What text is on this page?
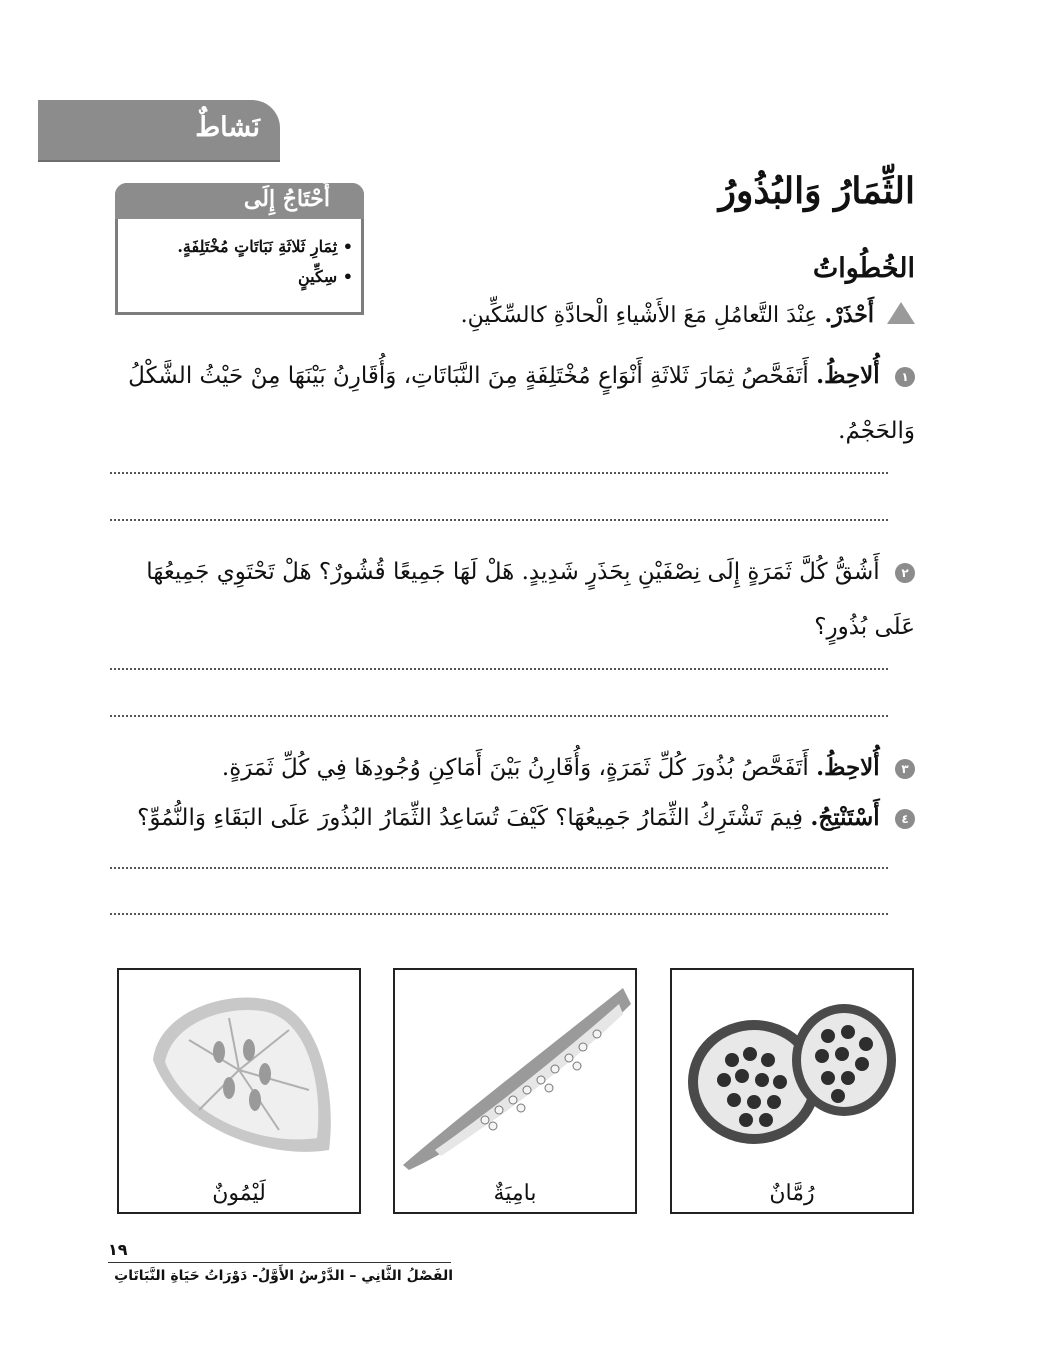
نَشاطٌ
أَحْتَاجُ إِلَى
• ثِمَارِ ثَلاثَةِ نَبَاتَاتٍ مُخْتَلِفَةٍ.
• سِكِّينٍ
الثِّمَارُ وَالبُذُورُ
الخُطُواتُ
أَحْذَرْ. عِنْدَ التَّعامُلِ مَعَ الأَشْياءِ الْحادَّةِ كالسِّكِّينِ.
١ أُلاحِظُ. أَتَفَحَّصُ ثِمَارَ ثَلاثَةِ أَنْوَاعٍ مُخْتَلِفَةٍ مِنَ النَّبَاتَاتِ، وَأُقَارِنُ بَيْنَهَا مِنْ حَيْثُ الشَّكْلُ وَالحَجْمُ.
٢ أَشُقُّ كُلَّ ثَمَرَةٍ إِلَى نِصْفَيْنِ بِحَذَرٍ شَدِيدٍ. هَلْ لَهَا جَمِيعًا قُشُورٌ؟ هَلْ تَحْتَوِي جَمِيعُهَا عَلَى بُذُورٍ؟
٣ أُلاحِظُ. أَتَفَحَّصُ بُذُورَ كُلِّ ثَمَرَةٍ، وَأُقَارِنُ بَيْنَ أَمَاكِنِ وُجُودِهَا فِي كُلِّ ثَمَرَةٍ.
٤ أَسْتَنْتِجُ. فِيمَ تَشْتَرِكُ الثِّمَارُ جَمِيعُهَا؟ كَيْفَ تُسَاعِدُ الثِّمَارُ البُذُورَ عَلَى البَقَاءِ وَالنُّمُوِّ؟
رُمَّانٌ
بامِيَةٌ
لَيْمُونٌ
١٩
الفَصْلُ الثَّانِي – الدَّرْسُ الأَوَّلُ- دَوْرَاتُ حَيَاةِ النَّبَاتَاتِ
